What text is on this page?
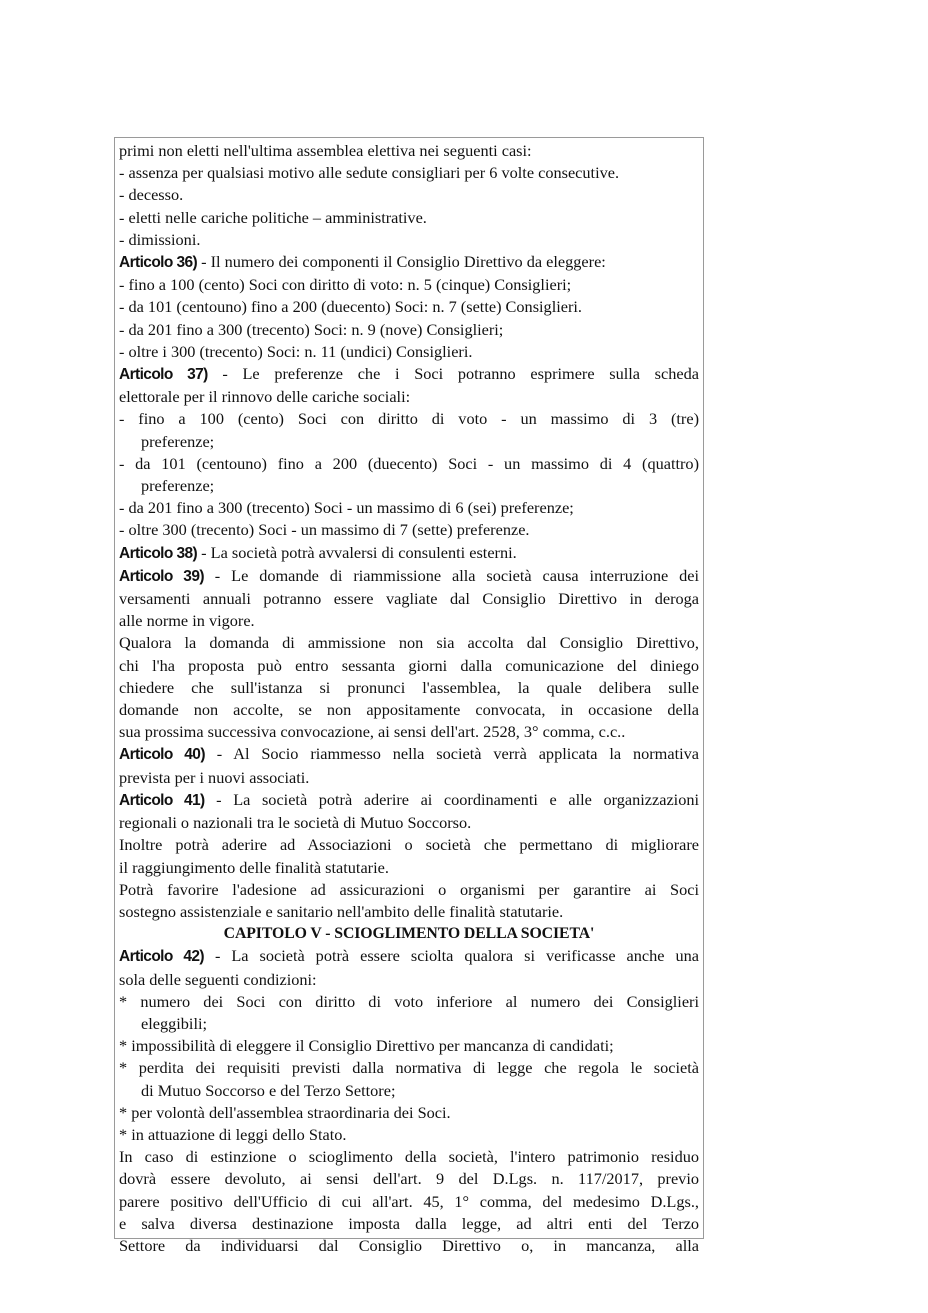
primi non eletti nell'ultima assemblea elettiva nei seguenti casi:
- assenza per qualsiasi motivo alle sedute consigliari per 6 volte consecutive.
- decesso.
- eletti nelle cariche politiche – amministrative.
- dimissioni.
Articolo 36) - Il numero dei componenti il Consiglio Direttivo da eleggere:
- fino a 100 (cento) Soci con diritto di voto: n. 5 (cinque) Consiglieri;
- da 101 (centouno) fino a 200 (duecento) Soci: n. 7 (sette) Consiglieri.
- da 201 fino a 300 (trecento) Soci: n. 9 (nove) Consiglieri;
- oltre i 300 (trecento) Soci: n. 11 (undici) Consiglieri.
Articolo 37) - Le preferenze che i Soci potranno esprimere sulla scheda
elettorale per il rinnovo delle cariche sociali:
- fino a 100 (cento) Soci con diritto di voto - un massimo di 3 (tre)
preferenze;
- da 101 (centouno) fino a 200 (duecento) Soci - un massimo di 4 (quattro)
preferenze;
- da 201 fino a 300 (trecento) Soci - un massimo di 6 (sei) preferenze;
- oltre 300 (trecento) Soci - un massimo di 7 (sette) preferenze.
Articolo 38) - La società potrà avvalersi di consulenti esterni.
Articolo 39) - Le domande di riammissione alla società causa interruzione dei
versamenti annuali potranno essere vagliate dal Consiglio Direttivo in deroga
alle norme in vigore.
Qualora la domanda di ammissione non sia accolta dal Consiglio Direttivo,
chi l'ha proposta può entro sessanta giorni dalla comunicazione del diniego
chiedere che sull'istanza si pronunci l'assemblea, la quale delibera sulle
domande non accolte, se non appositamente convocata, in occasione della
sua prossima successiva convocazione, ai sensi dell'art. 2528, 3° comma, c.c..
Articolo 40) - Al Socio riammesso nella società verrà applicata la normativa
prevista per i nuovi associati.
Articolo 41) - La società potrà aderire ai coordinamenti e alle organizzazioni
regionali o nazionali tra le società di Mutuo Soccorso.
Inoltre potrà aderire ad Associazioni o società che permettano di migliorare
il raggiungimento delle finalità statutarie.
Potrà favorire l'adesione ad assicurazioni o organismi per garantire ai Soci
sostegno assistenziale e sanitario nell'ambito delle finalità statutarie.
CAPITOLO V - SCIOGLIMENTO DELLA SOCIETA'
Articolo 42) - La società potrà essere sciolta qualora si verificasse anche una
sola delle seguenti condizioni:
* numero dei Soci con diritto di voto inferiore al numero dei Consiglieri
eleggibili;
* impossibilità di eleggere il Consiglio Direttivo per mancanza di candidati;
* perdita dei requisiti previsti dalla normativa di legge che regola le società
di Mutuo Soccorso e del Terzo Settore;
* per volontà dell'assemblea straordinaria dei Soci.
* in attuazione di leggi dello Stato.
In caso di estinzione o scioglimento della società, l'intero patrimonio residuo
dovrà essere devoluto, ai sensi dell'art. 9 del D.Lgs. n. 117/2017, previo
parere positivo dell'Ufficio di cui all'art. 45, 1° comma, del medesimo D.Lgs.,
e salva diversa destinazione imposta dalla legge, ad altri enti del Terzo
Settore da individuarsi dal Consiglio Direttivo o, in mancanza, alla
